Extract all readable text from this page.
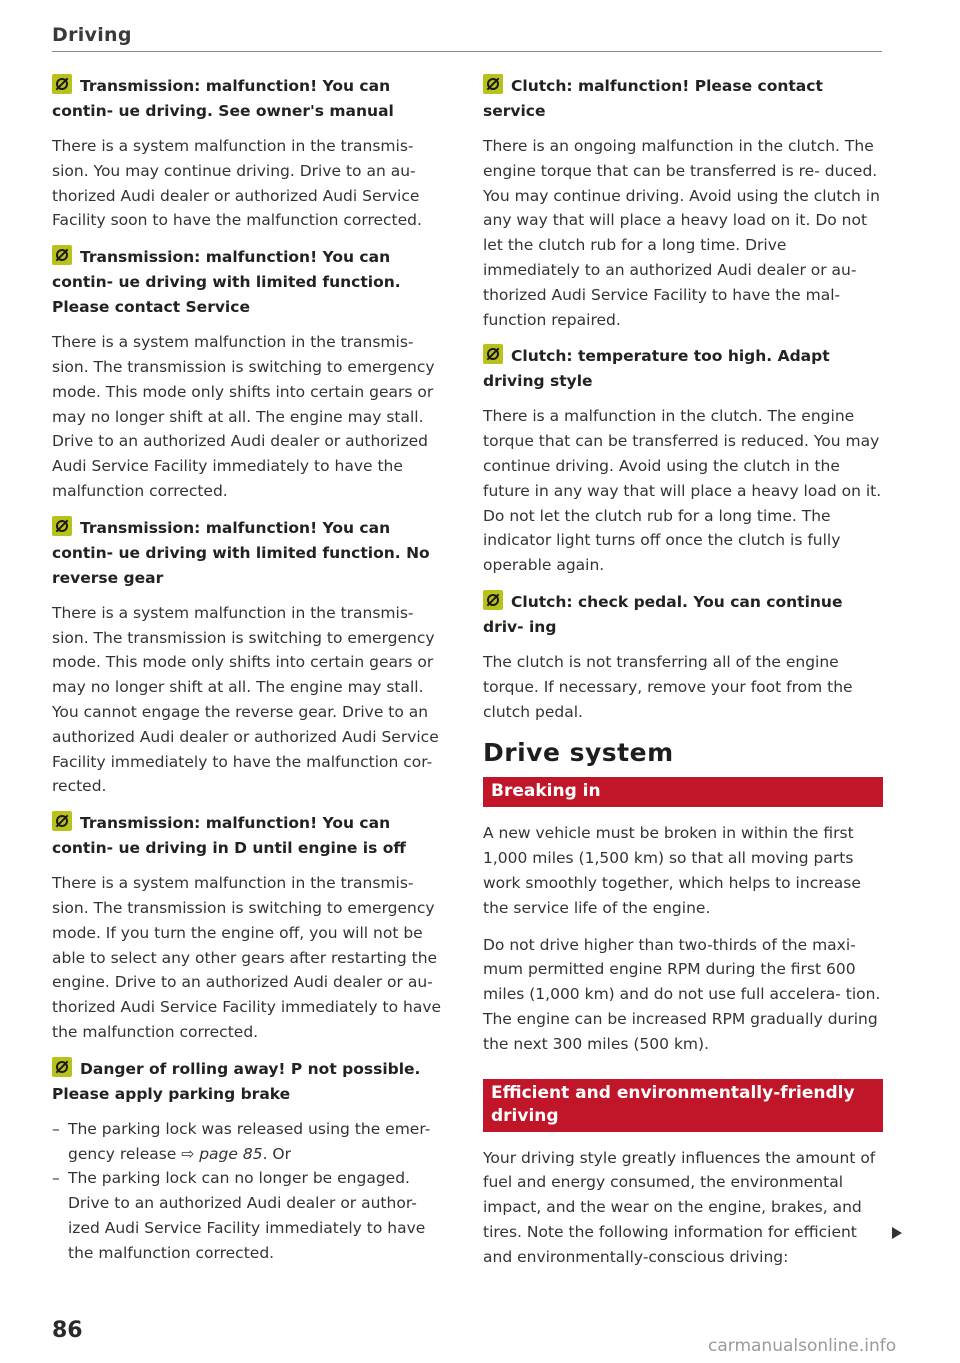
Driving
Transmission: malfunction! You can contin- ue driving. See owner's manual

There is a system malfunction in the transmis- sion. You may continue driving. Drive to an au- thorized Audi dealer or authorized Audi Service Facility soon to have the malfunction corrected.

Transmission: malfunction! You can contin- ue driving with limited function. Please contact Service

There is a system malfunction in the transmis- sion. The transmission is switching to emergency mode. This mode only shifts into certain gears or may no longer shift at all. The engine may stall. Drive to an authorized Audi dealer or authorized Audi Service Facility immediately to have the malfunction corrected.

Transmission: malfunction! You can contin- ue driving with limited function. No reverse gear

There is a system malfunction in the transmis- sion. The transmission is switching to emergency mode. This mode only shifts into certain gears or may no longer shift at all. The engine may stall. You cannot engage the reverse gear. Drive to an authorized Audi dealer or authorized Audi Service Facility immediately to have the malfunction cor- rected.

Transmission: malfunction! You can contin- ue driving in D until engine is off

There is a system malfunction in the transmis- sion. The transmission is switching to emergency mode. If you turn the engine off, you will not be able to select any other gears after restarting the engine. Drive to an authorized Audi dealer or au- thorized Audi Service Facility immediately to have the malfunction corrected.

Danger of rolling away! P not possible. Please apply parking brake
– The parking lock was released using the emer- gency release ⇨ page 85. Or
– The parking lock can no longer be engaged. Drive to an authorized Audi dealer or author- ized Audi Service Facility immediately to have the malfunction corrected.
Clutch: malfunction! Please contact service

There is an ongoing malfunction in the clutch. The engine torque that can be transferred is re- duced. You may continue driving. Avoid using the clutch in any way that will place a heavy load on it. Do not let the clutch rub for a long time. Drive immediately to an authorized Audi dealer or au- thorized Audi Service Facility to have the mal- function repaired.

Clutch: temperature too high. Adapt driving style

There is a malfunction in the clutch. The engine torque that can be transferred is reduced. You may continue driving. Avoid using the clutch in the future in any way that will place a heavy load on it. Do not let the clutch rub for a long time. The indicator light turns off once the clutch is fully operable again.

Clutch: check pedal. You can continue driv- ing

The clutch is not transferring all of the engine torque. If necessary, remove your foot from the clutch pedal.

Drive system
Breaking in

A new vehicle must be broken in within the first 1,000 miles (1,500 km) so that all moving parts work smoothly together, which helps to increase the service life of the engine.

Do not drive higher than two-thirds of the maxi- mum permitted engine RPM during the first 600 miles (1,000 km) and do not use full accelera- tion. The engine can be increased RPM gradually during the next 300 miles (500 km).

Efficient and environmentally-friendly driving

Your driving style greatly influences the amount of fuel and energy consumed, the environmental impact, and the wear on the engine, brakes, and tires. Note the following information for efficient and environmentally-conscious driving:

86
carmanualsonline.info
